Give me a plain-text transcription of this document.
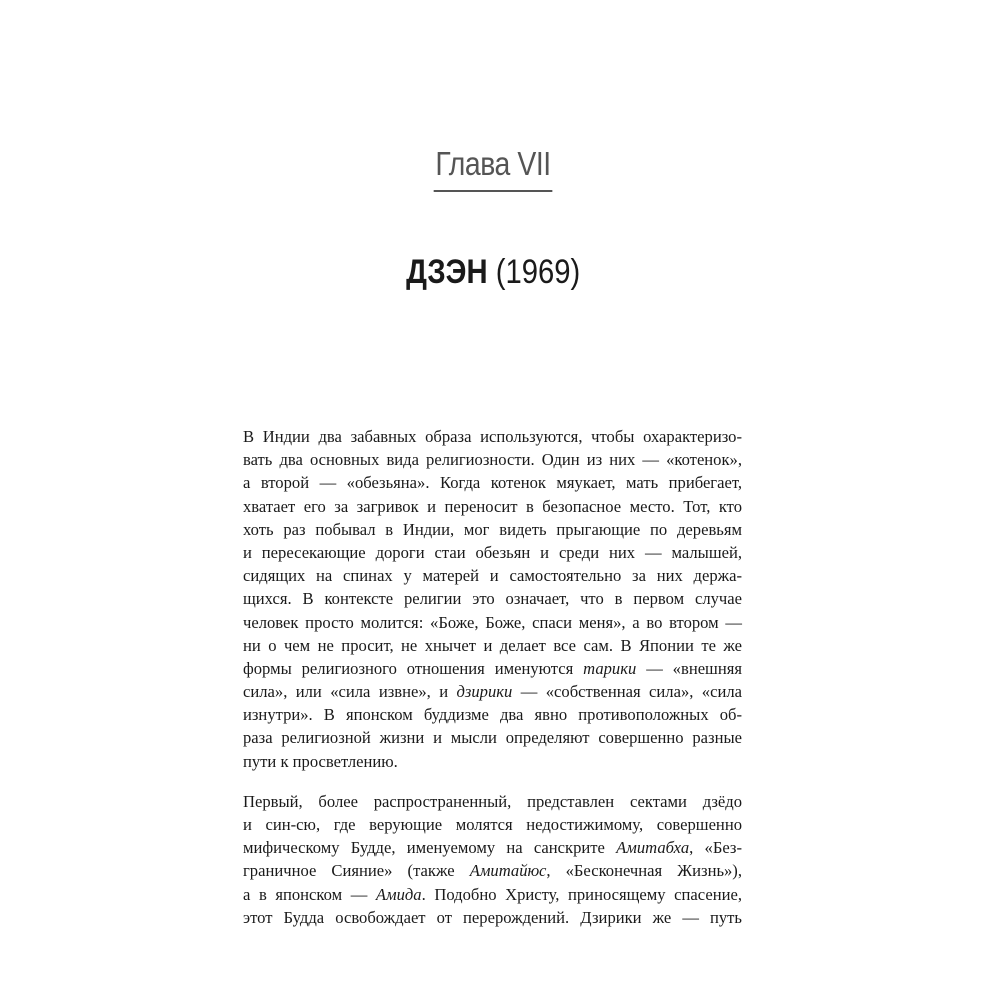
Глава VII
ДЗЭН (1969)
В Индии два забавных образа используются, чтобы охарактеризо-
вать два основных вида религиозности. Один из них — «котенок»,
а второй — «обезьяна». Когда котенок мяукает, мать прибегает,
хватает его за загривок и переносит в безопасное место. Тот, кто
хоть раз побывал в Индии, мог видеть прыгающие по деревьям
и пересекающие дороги стаи обезьян и среди них — малышей,
сидящих на спинах у матерей и самостоятельно за них держа-
щихся. В контексте религии это означает, что в первом случае
человек просто молится: «Боже, Боже, спаси меня», а во втором —
ни о чем не просит, не хнычет и делает все сам. В Японии те же
формы религиозного отношения именуются тарики — «внешняя
сила», или «сила извне», и дзирики — «собственная сила», «сила
изнутри». В японском буддизме два явно противоположных об-
раза религиозной жизни и мысли определяют совершенно разные
пути к просветлению.
Первый, более распространенный, представлен сектами дзёдо
и син-сю, где верующие молятся недостижимому, совершенно
мифическому Будде, именуемому на санскрите Амитабха, «Без-
граничное Сияние» (также Амитайюс, «Бесконечная Жизнь»),
а в японском — Амида. Подобно Христу, приносящему спасение,
этот Будда освобождает от перерождений. Дзирики же — путь
